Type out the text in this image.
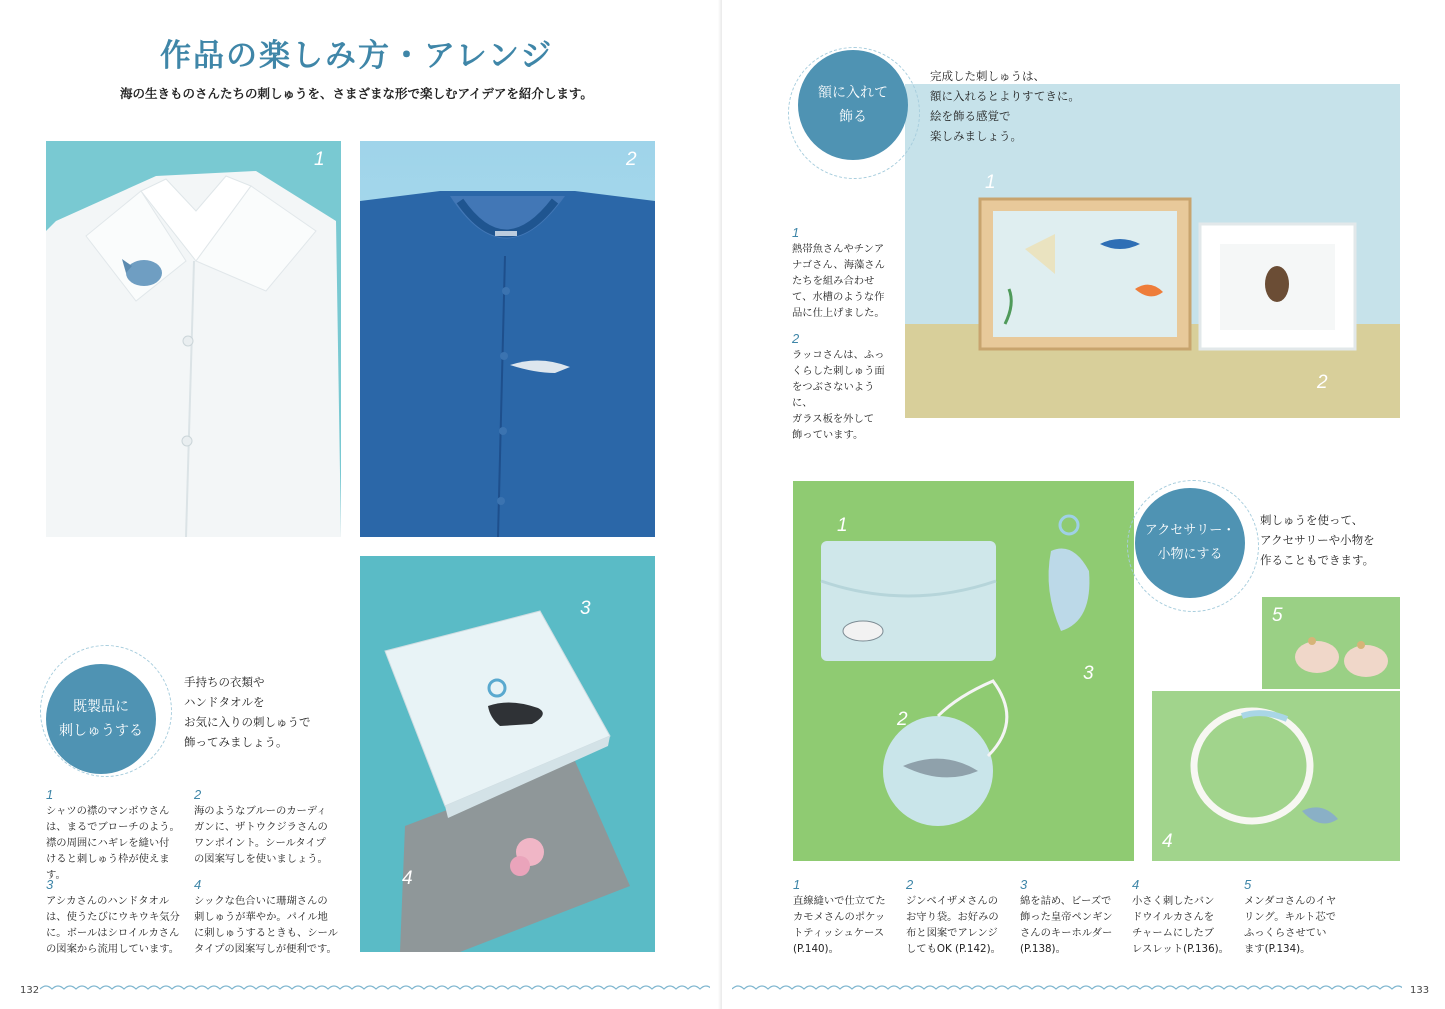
作品の楽しみ方・アレンジ
海の生きものさんたちの刺しゅうを、さまざまな形で楽しむアイデアを紹介します。
1	2
3
4
既製品に
刺しゅうする
手持ちの衣類や
ハンドタオルを
お気に入りの刺しゅうで
飾ってみましょう。
1
シャツの襟のマンボウさん
は、まるでブローチのよう。
襟の周囲にハギレを縫い付
けると刺しゅう枠が使えます。
2
海のようなブルーのカーディ
ガンに、ザトウクジラさんの
ワンポイント。シールタイプ
の図案写しを使いましょう。
3
アシカさんのハンドタオル
は、使うたびにウキウキ気分
に。ボールはシロイルカさん
の図案から流用しています。
4
シックな色合いに珊瑚さんの
刺しゅうが華やか。パイル地
に刺しゅうするときも、シール
タイプの図案写しが便利です。
132
1
2
額に入れて
飾る
完成した刺しゅうは、
額に入れるとよりすてきに。
絵を飾る感覚で
楽しみましょう。
1
熱帯魚さんやチンア
ナゴさん、海藻さん
たちを組み合わせ
て、水槽のような作
品に仕上げました。
2
ラッコさんは、ふっ
くらした刺しゅう面
をつぶさないように、
ガラス板を外して
飾っています。
1
2
3
5
4
アクセサリー・
小物にする
刺しゅうを使って、
アクセサリーや小物を
作ることもできます。
1
直線縫いで仕立てた
カモメさんのポケッ
トティッシュケース
(P.140)。
2
ジンベイザメさんの
お守り袋。お好みの
布と図案でアレンジ
してもOK (P.142)。
3
綿を詰め、ビーズで
飾った皇帝ペンギン
さんのキーホルダー
(P.138)。
4
小さく刺したバン
ドウイルカさんを
チャームにしたブ
レスレット(P.136)。
5
メンダコさんのイヤ
リング。キルト芯で
ふっくらさせてい
ます(P.134)。
133
